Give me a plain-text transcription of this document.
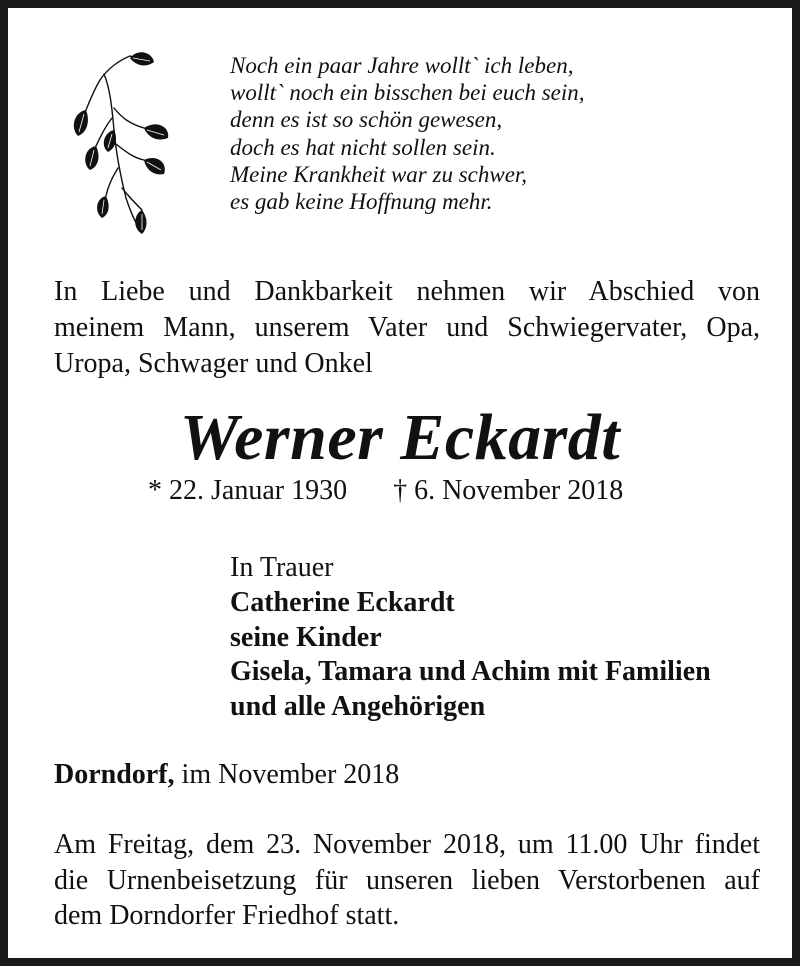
Noch ein paar Jahre wollt` ich leben,
wollt` noch ein bisschen bei euch sein,
denn es ist so schön gewesen,
doch es hat nicht sollen sein.
Meine Krankheit war zu schwer,
es gab keine Hoffnung mehr.
In Liebe und Dankbarkeit nehmen wir Abschied von
meinem Mann, unserem Vater und Schwiegervater, Opa,
Uropa, Schwager und Onkel
Werner Eckardt
* 22. Januar 1930 † 6. November 2018
In Trauer
Catherine Eckardt
seine Kinder
Gisela, Tamara und Achim mit Familien
und alle Angehörigen
Dorndorf, im November 2018
Am Freitag, dem 23. November 2018, um 11.00 Uhr findet
die Urnenbeisetzung für unseren lieben Verstorbenen auf
dem Dorndorfer Friedhof statt.
